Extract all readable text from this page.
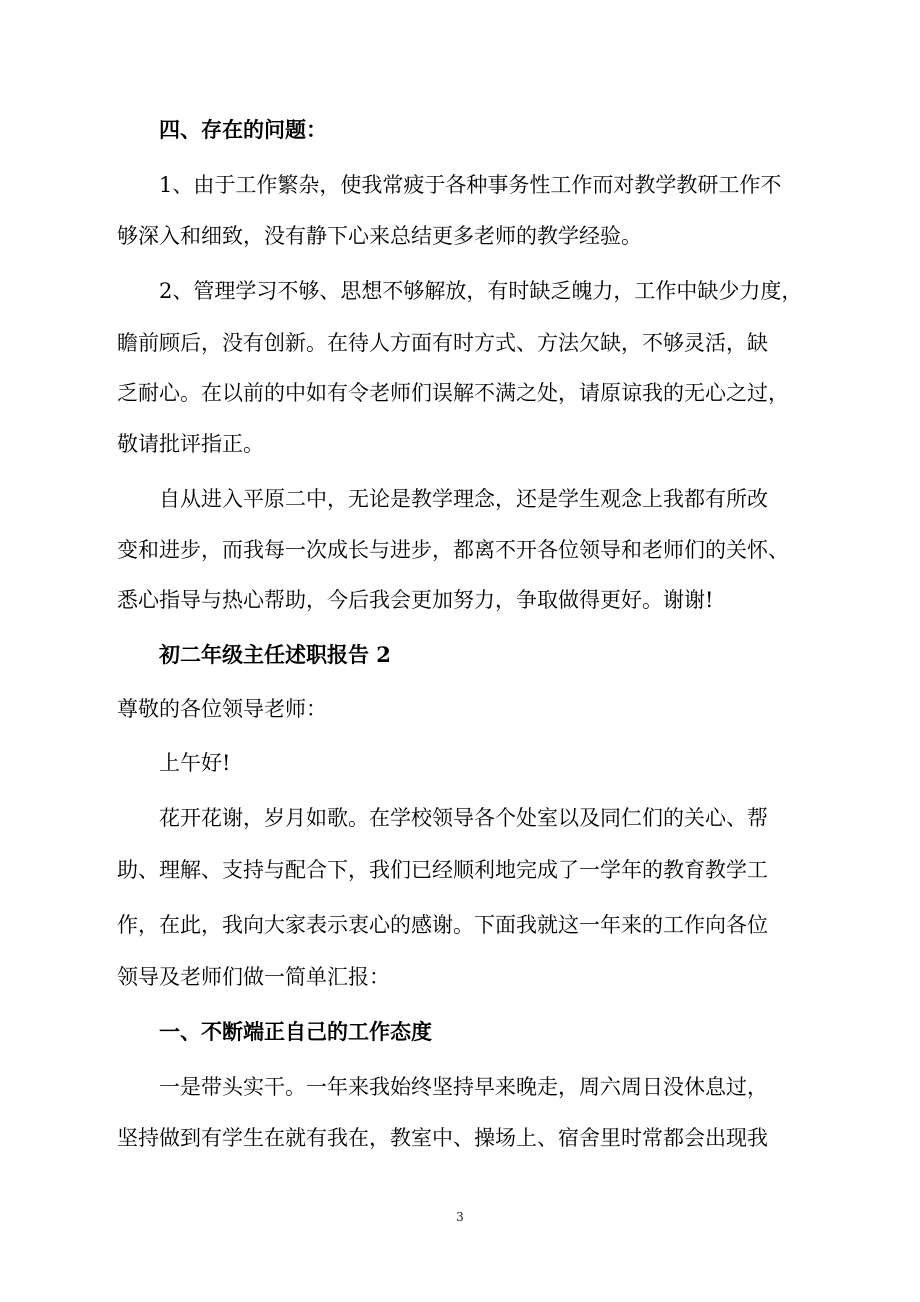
四、存在的问题：
1、由于工作繁杂，使我常疲于各种事务性工作而对教学教研工作不
够深入和细致，没有静下心来总结更多老师的教学经验。
2、管理学习不够、思想不够解放，有时缺乏魄力，工作中缺少力度，
瞻前顾后，没有创新。在待人方面有时方式、方法欠缺，不够灵活，缺
乏耐心。在以前的中如有令老师们误解不满之处，请原谅我的无心之过，
敬请批评指正。
自从进入平原二中，无论是教学理念，还是学生观念上我都有所改
变和进步，而我每一次成长与进步，都离不开各位领导和老师们的关怀、
悉心指导与热心帮助，今后我会更加努力，争取做得更好。谢谢!
初二年级主任述职报告 2
尊敬的各位领导老师：
上午好!
花开花谢，岁月如歌。在学校领导各个处室以及同仁们的关心、帮
助、理解、支持与配合下，我们已经顺利地完成了一学年的教育教学工
作，在此，我向大家表示衷心的感谢。下面我就这一年来的工作向各位
领导及老师们做一简单汇报：
一、不断端正自己的工作态度
一是带头实干。一年来我始终坚持早来晚走，周六周日没休息过，
坚持做到有学生在就有我在，教室中、操场上、宿舍里时常都会出现我
3
